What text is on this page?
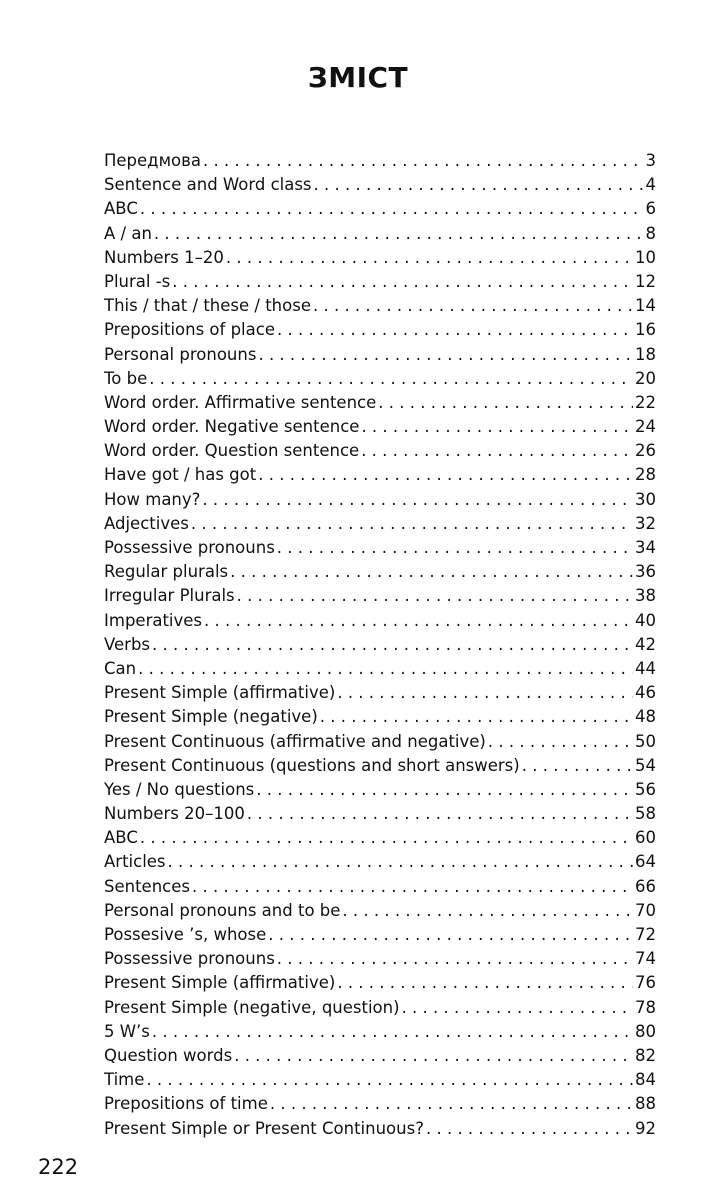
ЗМІСТ
Передмова . . .	3
Sentence and Word class . . .	4
ABC . . .	6
A / an . . .	8
Numbers 1–20 . . .	10
Plural -s . . .	12
This / that / these / those . . .	14
Prepositions of place . . .	16
Personal pronouns . . .	18
To be . . .	20
Word order. Affirmative sentence . . .	22
Word order. Negative sentence . . .	24
Word order. Question sentence . . .	26
Have got / has got . . .	28
How many? . . .	30
Adjectives . . .	32
Possessive pronouns . . .	34
Regular plurals . . .	36
Irregular Plurals . . .	38
Imperatives . . .	40
Verbs . . .	42
Can . . .	44
Present Simple (affirmative) . . .	46
Present Simple (negative) . . .	48
Present Continuous (affirmative and negative) . . .	50
Present Continuous (questions and short answers) . . .	54
Yes / No questions . . .	56
Numbers 20–100 . . .	58
ABC . . .	60
Articles . . .	64
Sentences . . .	66
Personal pronouns and to be . . .	70
Possesive ’s, whose . . .	72
Possessive pronouns . . .	74
Present Simple (affirmative) . . .	76
Present Simple (negative, question) . . .	78
5 W’s . . .	80
Question words . . .	82
Time . . .	84
Prepositions of time . . .	88
Present Simple or Present Continuous? . . .	92
222
